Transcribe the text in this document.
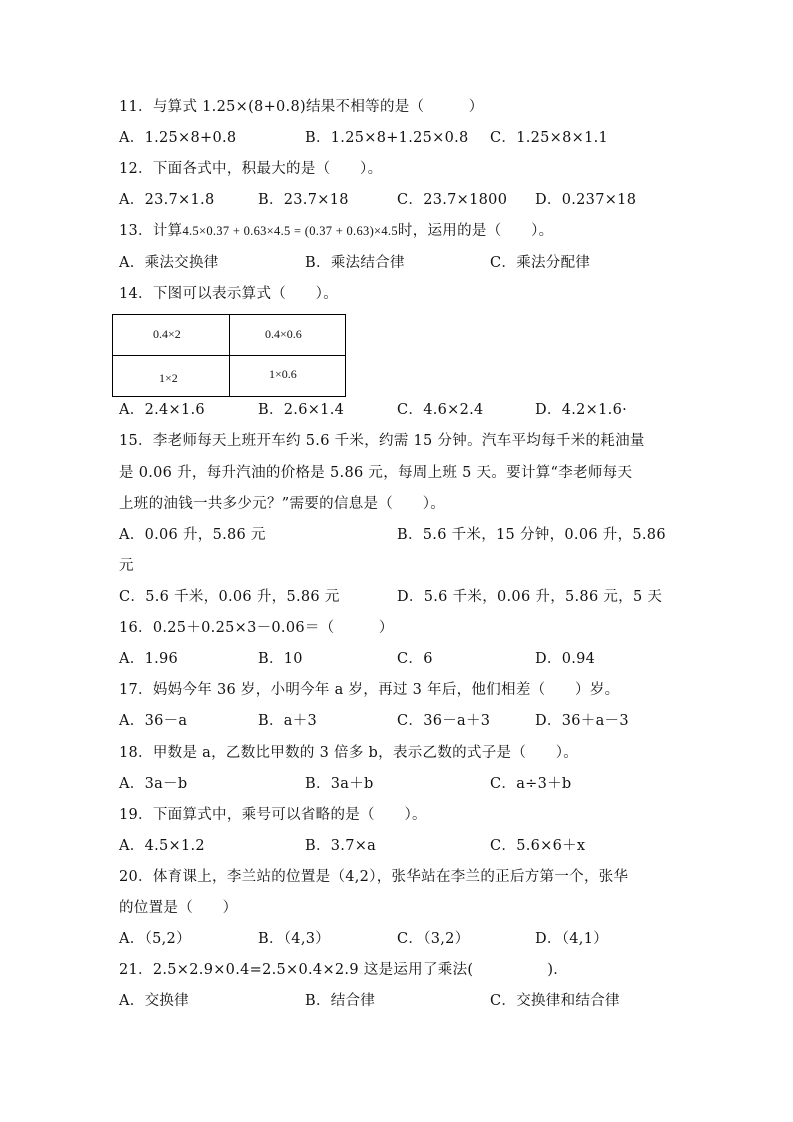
11．与算式 1.25×(8+0.8)结果不相等的是（　　　）
A．1.25×8+0.8	B．1.25×8+1.25×0.8 C．1.25×8×1.1
12．下面各式中，积最大的是（　　）。
A．23.7×1.8	B．23.7×18	C．23.7×1800 D．0.237×18
13．计算4.5×0.37 + 0.63×4.5 = (0.37 + 0.63)×4.5时，运用的是（　　）。
A．乘法交换律	B．乘法结合律	C．乘法分配律
14．下图可以表示算式（　　）。
0.4×2	0.4×0.6
1×2	1×0.6
A．2.4×1.6	B．2.6×1.4	C．4.6×2.4	D．4.2×1.6·
15．李老师每天上班开车约 5.6 千米，约需 15 分钟。汽车平均每千米的耗油量
是 0.06 升，每升汽油的价格是 5.86 元，每周上班 5 天。要计算“李老师每天
上班的油钱一共多少元？”需要的信息是（　　）。
A．0.06 升，5.86 元	B．5.6 千米，15 分钟，0.06 升，5.86
元
C．5.6 千米，0.06 升，5.86 元	D．5.6 千米，0.06 升，5.86 元，5 天
16．0.25＋0.25×3－0.06＝（　　　）
A．1.96	B．10	C．6	D．0.94
17．妈妈今年 36 岁，小明今年 a 岁，再过 3 年后，他们相差（　　）岁。
A．36－a	B．a＋3	C．36－a＋3	D．36＋a－3
18．甲数是 a，乙数比甲数的 3 倍多 b，表示乙数的式子是（　　）。
A．3a－b	B．3a＋b	C．a÷3＋b
19．下面算式中，乘号可以省略的是（　　）。
A．4.5×1.2	B．3.7×a	C．5.6×6＋x
20．体育课上，李兰站的位置是（4,2），张华站在李兰的正后方第一个，张华
的位置是（　　）
A．（5,2）	B．（4,3）	C．（3,2）	D．（4,1）
21．2.5×2.9×0.4=2.5×0.4×2.9 这是运用了乘法(　　　　　)．
A．交换律	B．结合律	C．交换律和结合律
